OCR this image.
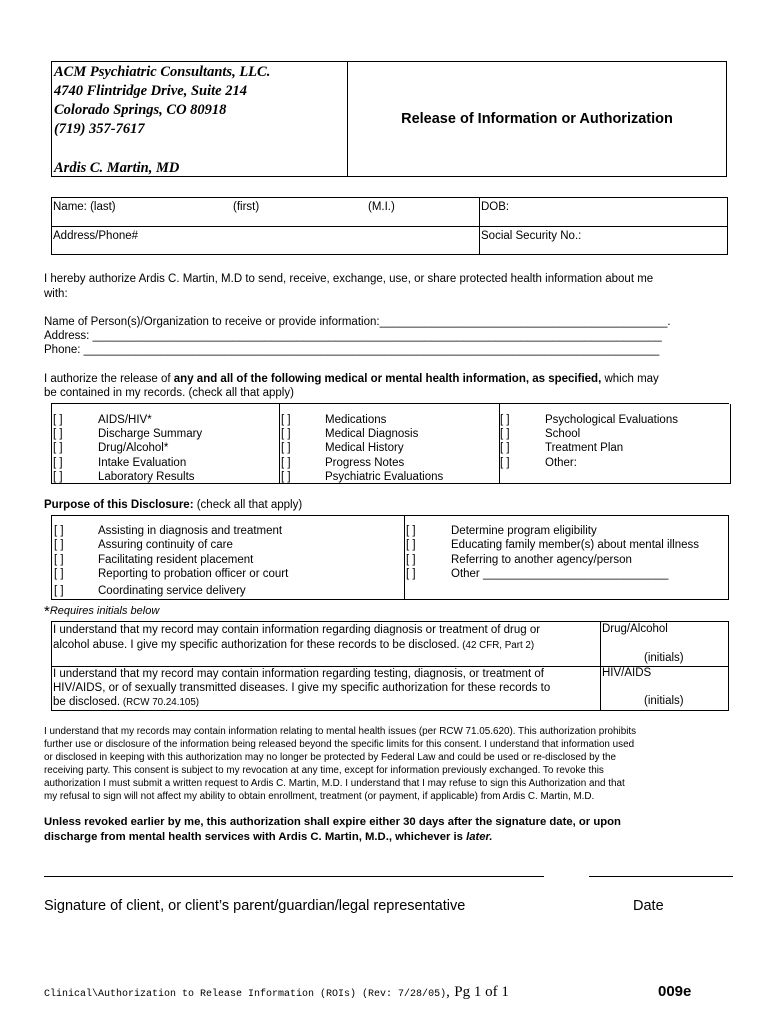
ACM Psychiatric Consultants, LLC.
4740 Flintridge Drive, Suite 214
Colorado Springs, CO 80918
(719) 357-7617
Ardis C. Martin, MD
Release of Information or Authorization
Name: (last)	(first)	(M.I.)	DOB:
Address/Phone#	Social Security No.:
I hereby authorize Ardis C. Martin, M.D to send, receive, exchange, use, or share protected health information about me
with:
Name of Person(s)/Organization to receive or provide information:_____________________________________________.
Address: _________________________________________________________________________________________
Phone: __________________________________________________________________________________________
I authorize the release of any and all of the following medical or mental health information, as specified, which may
be contained in my records. (check all that apply)
[ ]	AIDS/HIV*
[ ]	Discharge Summary
[ ]	Drug/Alcohol*
[ ]	Intake Evaluation
[ ]	Laboratory Results
[ ]	Medications
[ ]	Medical Diagnosis
[ ]	Medical History
[ ]	Progress Notes
[ ]	Psychiatric Evaluations
[ ]	Psychological Evaluations
[ ]	School
[ ]	Treatment Plan
[ ]	Other:
Purpose of this Disclosure: (check all that apply)
[ ]	Assisting in diagnosis and treatment
[ ]	Assuring continuity of care
[ ]	Facilitating resident placement
[ ]	Reporting to probation officer or court
[ ]	Coordinating service delivery
[ ]	Determine program eligibility
[ ]	Educating family member(s) about mental illness
[ ]	Referring to another agency/person
[ ]	Other _____________________________
*Requires initials below
I understand that my record may contain information regarding diagnosis or treatment of drug or
alcohol abuse. I give my specific authorization for these records to be disclosed. (42 CFR, Part 2)
Drug/Alcohol
(initials)
I understand that my record may contain information regarding testing, diagnosis, or treatment of
HIV/AIDS, or of sexually transmitted diseases. I give my specific authorization for these records to
be disclosed. (RCW 70.24.105)
HIV/AIDS
(initials)
I understand that my records may contain information relating to mental health issues (per RCW 71.05.620). This authorization prohibits
further use or disclosure of the information being released beyond the specific limits for this consent. I understand that information used
or disclosed in keeping with this authorization may no longer be protected by Federal Law and could be used or re-disclosed by the
receiving party. This consent is subject to my revocation at any time, except for information previously exchanged. To revoke this
authorization I must submit a written request to Ardis C. Martin, M.D. I understand that I may refuse to sign this Authorization and that
my refusal to sign will not affect my ability to obtain enrollment, treatment (or payment, if applicable) from Ardis C. Martin, M.D.
Unless revoked earlier by me, this authorization shall expire either 30 days after the signature date, or upon
discharge from mental health services with Ardis C. Martin, M.D., whichever is later.
Signature of client, or client’s parent/guardian/legal representative	Date
Clinical\Authorization to Release Information (ROIs) (Rev: 7/28/05), Pg 1 of 1	009e
